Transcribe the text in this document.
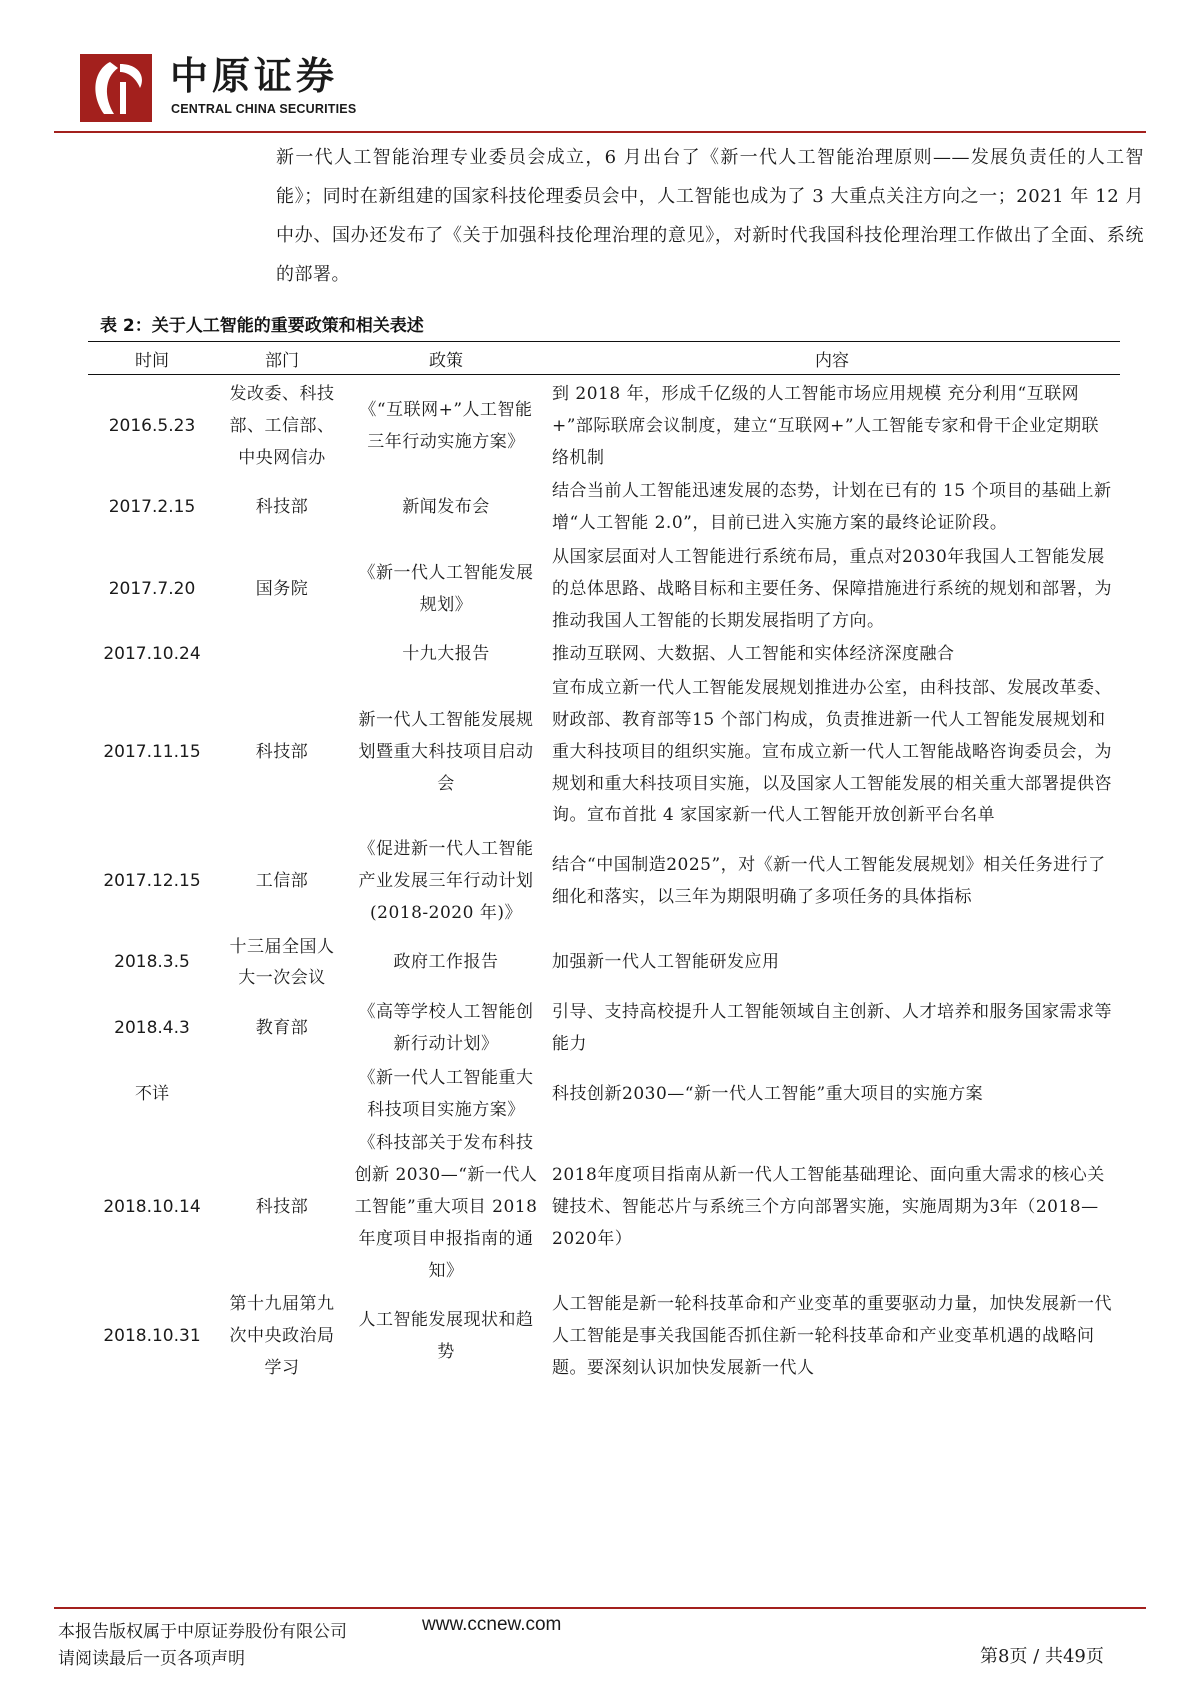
中原证券
CENTRAL CHINA SECURITIES
新一代人工智能治理专业委员会成立，6 月出台了《新一代人工智能治理原则——发展负责任的人工智能》；同时在新组建的国家科技伦理委员会中，人工智能也成为了 3 大重点关注方向之一；2021 年 12 月中办、国办还发布了《关于加强科技伦理治理的意见》，对新时代我国科技伦理治理工作做出了全面、系统的部署。
表 2：关于人工智能的重要政策和相关表述
时间	部门	政策	内容
2016.5.23	发改委、科技部、工信部、中央网信办	《“互联网+”人工智能三年行动实施方案》	到 2018 年，形成千亿级的人工智能市场应用规模 充分利用“互联网+”部际联席会议制度，建立“互联网+”人工智能专家和骨干企业定期联络机制
2017.2.15	科技部	新闻发布会	结合当前人工智能迅速发展的态势，计划在已有的 15 个项目的基础上新增“人工智能 2.0”，目前已进入实施方案的最终论证阶段。
2017.7.20	国务院	《新一代人工智能发展规划》	从国家层面对人工智能进行系统布局，重点对2030年我国人工智能发展的总体思路、战略目标和主要任务、保障措施进行系统的规划和部署，为推动我国人工智能的长期发展指明了方向。
2017.10.24		十九大报告	推动互联网、大数据、人工智能和实体经济深度融合
2017.11.15	科技部	新一代人工智能发展规划暨重大科技项目启动会	宣布成立新一代人工智能发展规划推进办公室，由科技部、发展改革委、财政部、教育部等15 个部门构成，负责推进新一代人工智能发展规划和重大科技项目的组织实施。宣布成立新一代人工智能战略咨询委员会，为规划和重大科技项目实施，以及国家人工智能发展的相关重大部署提供咨询。宣布首批 4 家国家新一代人工智能开放创新平台名单
2017.12.15	工信部	《促进新一代人工智能产业发展三年行动计划(2018-2020 年)》	结合“中国制造2025”，对《新一代人工智能发展规划》相关任务进行了细化和落实，以三年为期限明确了多项任务的具体指标
2018.3.5	十三届全国人大一次会议	政府工作报告	加强新一代人工智能研发应用
2018.4.3	教育部	《高等学校人工智能创新行动计划》	引导、支持高校提升人工智能领域自主创新、人才培养和服务国家需求等能力
不详		《新一代人工智能重大科技项目实施方案》	科技创新2030—“新一代人工智能”重大项目的实施方案
2018.10.14	科技部	《科技部关于发布科技创新 2030—“新一代人工智能”重大项目 2018 年度项目申报指南的通知》	2018年度项目指南从新一代人工智能基础理论、面向重大需求的核心关键技术、智能芯片与系统三个方向部署实施，实施周期为3年（2018—2020年）
2018.10.31	第十九届第九次中央政治局学习	人工智能发展现状和趋势	人工智能是新一轮科技革命和产业变革的重要驱动力量，加快发展新一代人工智能是事关我国能否抓住新一轮科技革命和产业变革机遇的战略问题。要深刻认识加快发展新一代人
本报告版权属于中原证券股份有限公司	www.ccnew.com
请阅读最后一页各项声明	第8页 / 共49页
